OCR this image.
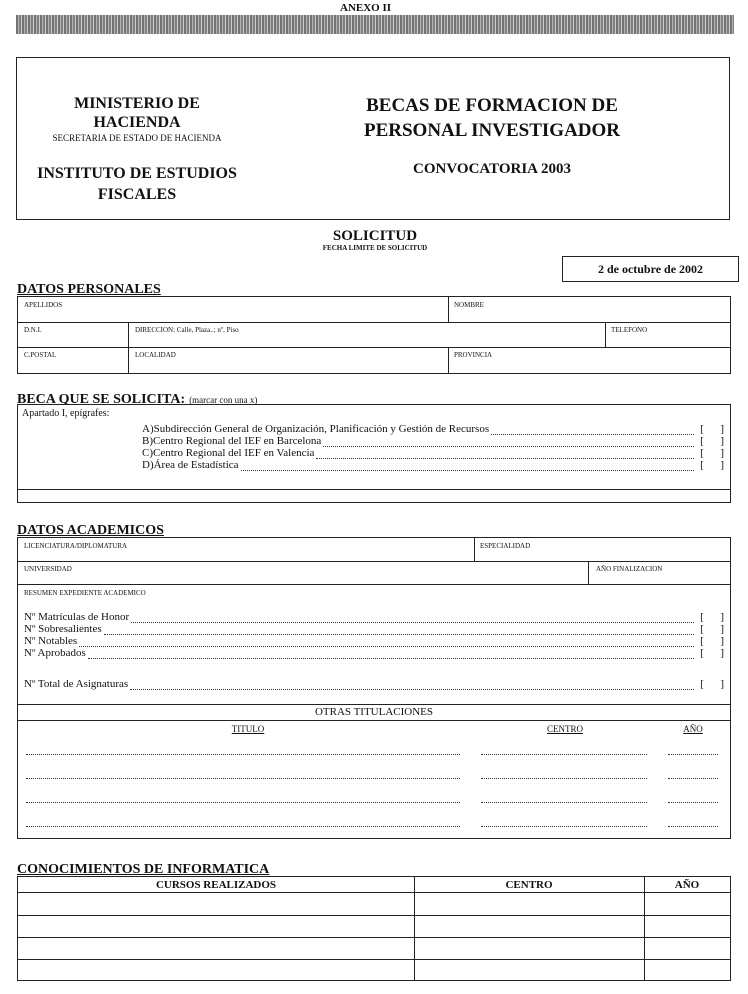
ANEXO II
MINISTERIO DE
HACIENDA
SECRETARIA DE ESTADO DE HACIENDA
INSTITUTO DE ESTUDIOS
FISCALES
BECAS DE FORMACION DE
PERSONAL INVESTIGADOR
CONVOCATORIA 2003
SOLICITUD
FECHA LIMITE DE SOLICITUD
2 de octubre de 2002
DATOS PERSONALES
APELLIDOS	NOMBRE
D.N.I.	DIRECCION: Calle, Plaza..; nº, Piso	TELEFONO
C.POSTAL	LOCALIDAD	PROVINCIA
BECA QUE SE SOLICITA: (marcar con una x)
Apartado I, epígrafes:
A)Subdirección General de Organización, Planificación y Gestión de Recursos	[      ]
B)Centro Regional del IEF en Barcelona	[      ]
C)Centro Regional del IEF en Valencia	[      ]
D)Área de Estadística	[      ]
DATOS ACADEMICOS
LICENCIATURA/DIPLOMATURA	ESPECIALIDAD
UNIVERSIDAD	AÑO FINALIZACION
RESUMEN EXPEDIENTE ACADEMICO
Nº Matrículas de Honor	[      ]
Nº Sobresalientes	[      ]
Nº Notables	[      ]
Nº Aprobados	[      ]
Nº Total de Asignaturas	[      ]
OTRAS TITULACIONES
TITULO	CENTRO	AÑO
CONOCIMIENTOS DE INFORMATICA
CURSOS REALIZADOS	CENTRO	AÑO
